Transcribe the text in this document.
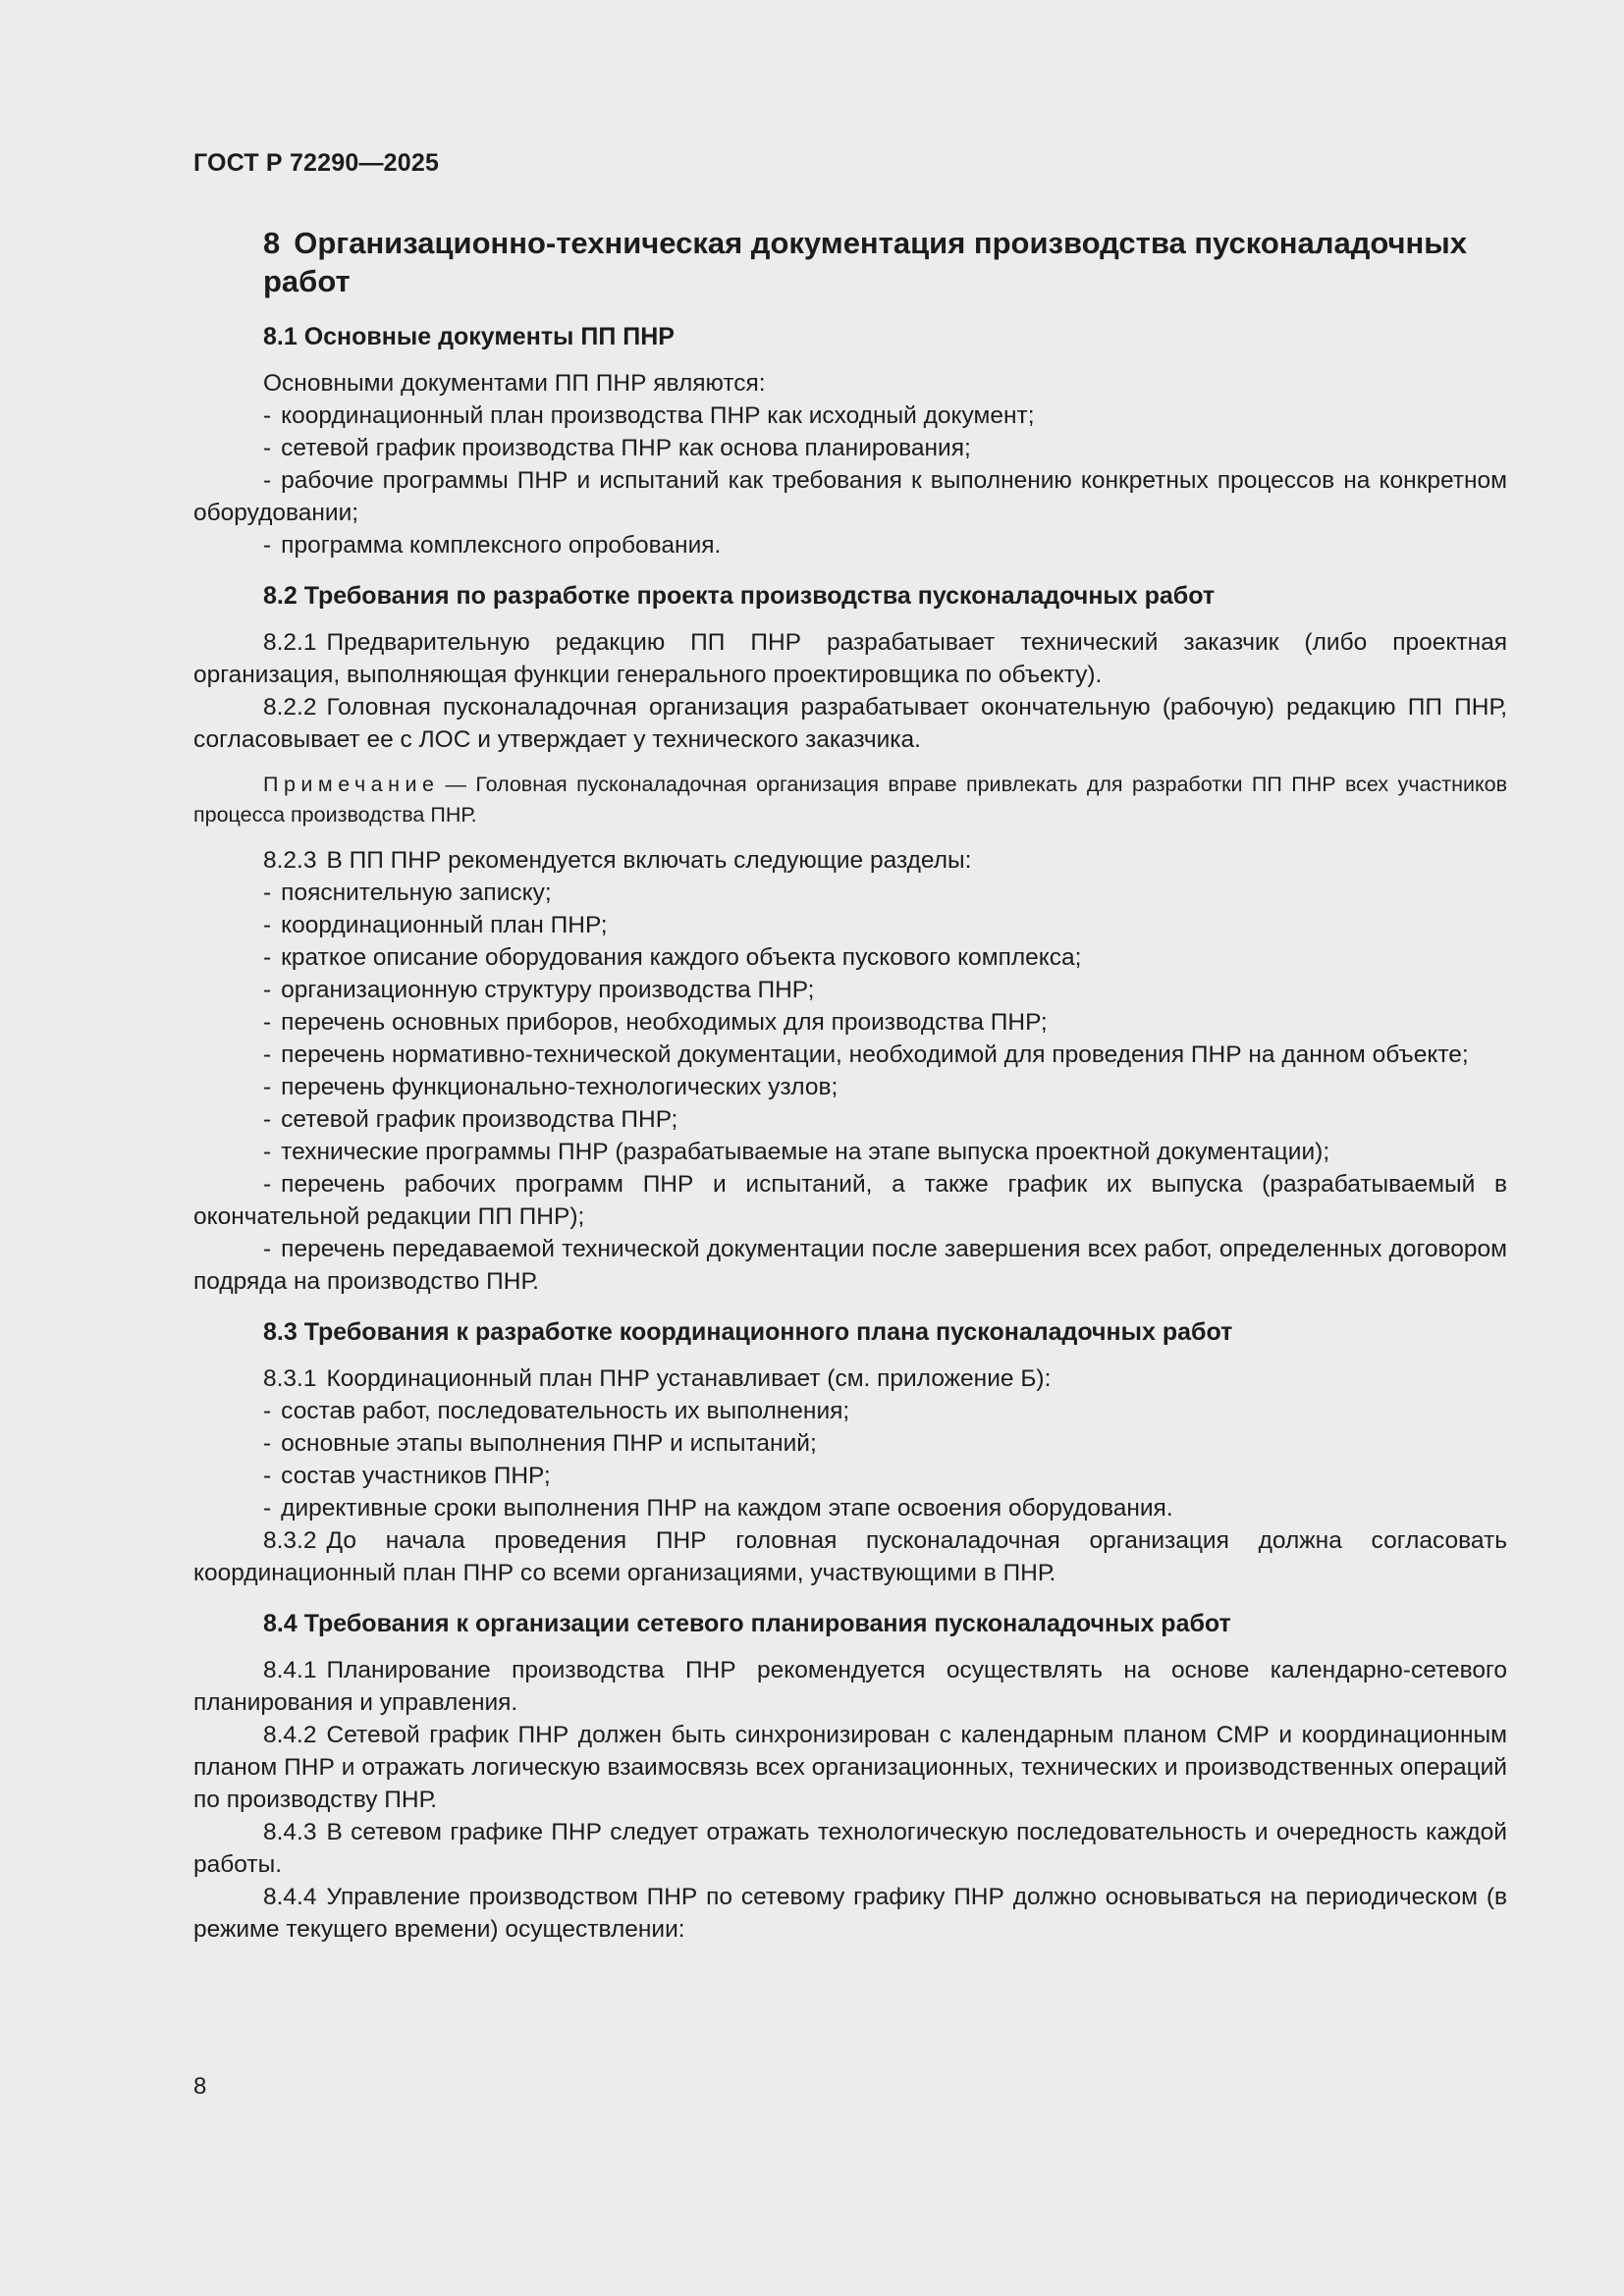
ГОСТ Р 72290—2025
8 Организационно-техническая документация производства пусконаладочных работ
8.1 Основные документы ПП ПНР

Основными документами ПП ПНР являются:

- координационный план производства ПНР как исходный документ;

- сетевой график производства ПНР как основа планирования;

- рабочие программы ПНР и испытаний как требования к выполнению конкретных процессов на конкретном оборудовании;

- программа комплексного опробования.

8.2 Требования по разработке проекта производства пусконаладочных работ

8.2.1 Предварительную редакцию ПП ПНР разрабатывает технический заказчик (либо проектная организация, выполняющая функции генерального проектировщика по объекту).

8.2.2 Головная пусконаладочная организация разрабатывает окончательную (рабочую) редакцию ПП ПНР, согласовывает ее с ЛОС и утверждает у технического заказчика.

Примечание — Головная пусконаладочная организация вправе привлекать для разработки ПП ПНР всех участников процесса производства ПНР.

8.2.3 В ПП ПНР рекомендуется включать следующие разделы:

- пояснительную записку;

- координационный план ПНР;

- краткое описание оборудования каждого объекта пускового комплекса;

- организационную структуру производства ПНР;

- перечень основных приборов, необходимых для производства ПНР;

- перечень нормативно-технической документации, необходимой для проведения ПНР на данном объекте;

- перечень функционально-технологических узлов;

- сетевой график производства ПНР;

- технические программы ПНР (разрабатываемые на этапе выпуска проектной документации);

- перечень рабочих программ ПНР и испытаний, а также график их выпуска (разрабатываемый в окончательной редакции ПП ПНР);

- перечень передаваемой технической документации после завершения всех работ, определенных договором подряда на производство ПНР.

8.3 Требования к разработке координационного плана пусконаладочных работ

8.3.1 Координационный план ПНР устанавливает (см. приложение Б):

- состав работ, последовательность их выполнения;

- основные этапы выполнения ПНР и испытаний;

- состав участников ПНР;

- директивные сроки выполнения ПНР на каждом этапе освоения оборудования.

8.3.2 До начала проведения ПНР головная пусконаладочная организация должна согласовать координационный план ПНР со всеми организациями, участвующими в ПНР.

8.4 Требования к организации сетевого планирования пусконаладочных работ

8.4.1 Планирование производства ПНР рекомендуется осуществлять на основе календарно-сетевого планирования и управления.

8.4.2 Сетевой график ПНР должен быть синхронизирован с календарным планом СМР и координационным планом ПНР и отражать логическую взаимосвязь всех организационных, технических и производственных операций по производству ПНР.

8.4.3 В сетевом графике ПНР следует отражать технологическую последовательность и очередность каждой работы.

8.4.4 Управление производством ПНР по сетевому графику ПНР должно основываться на периодическом (в режиме текущего времени) осуществлении:

8
